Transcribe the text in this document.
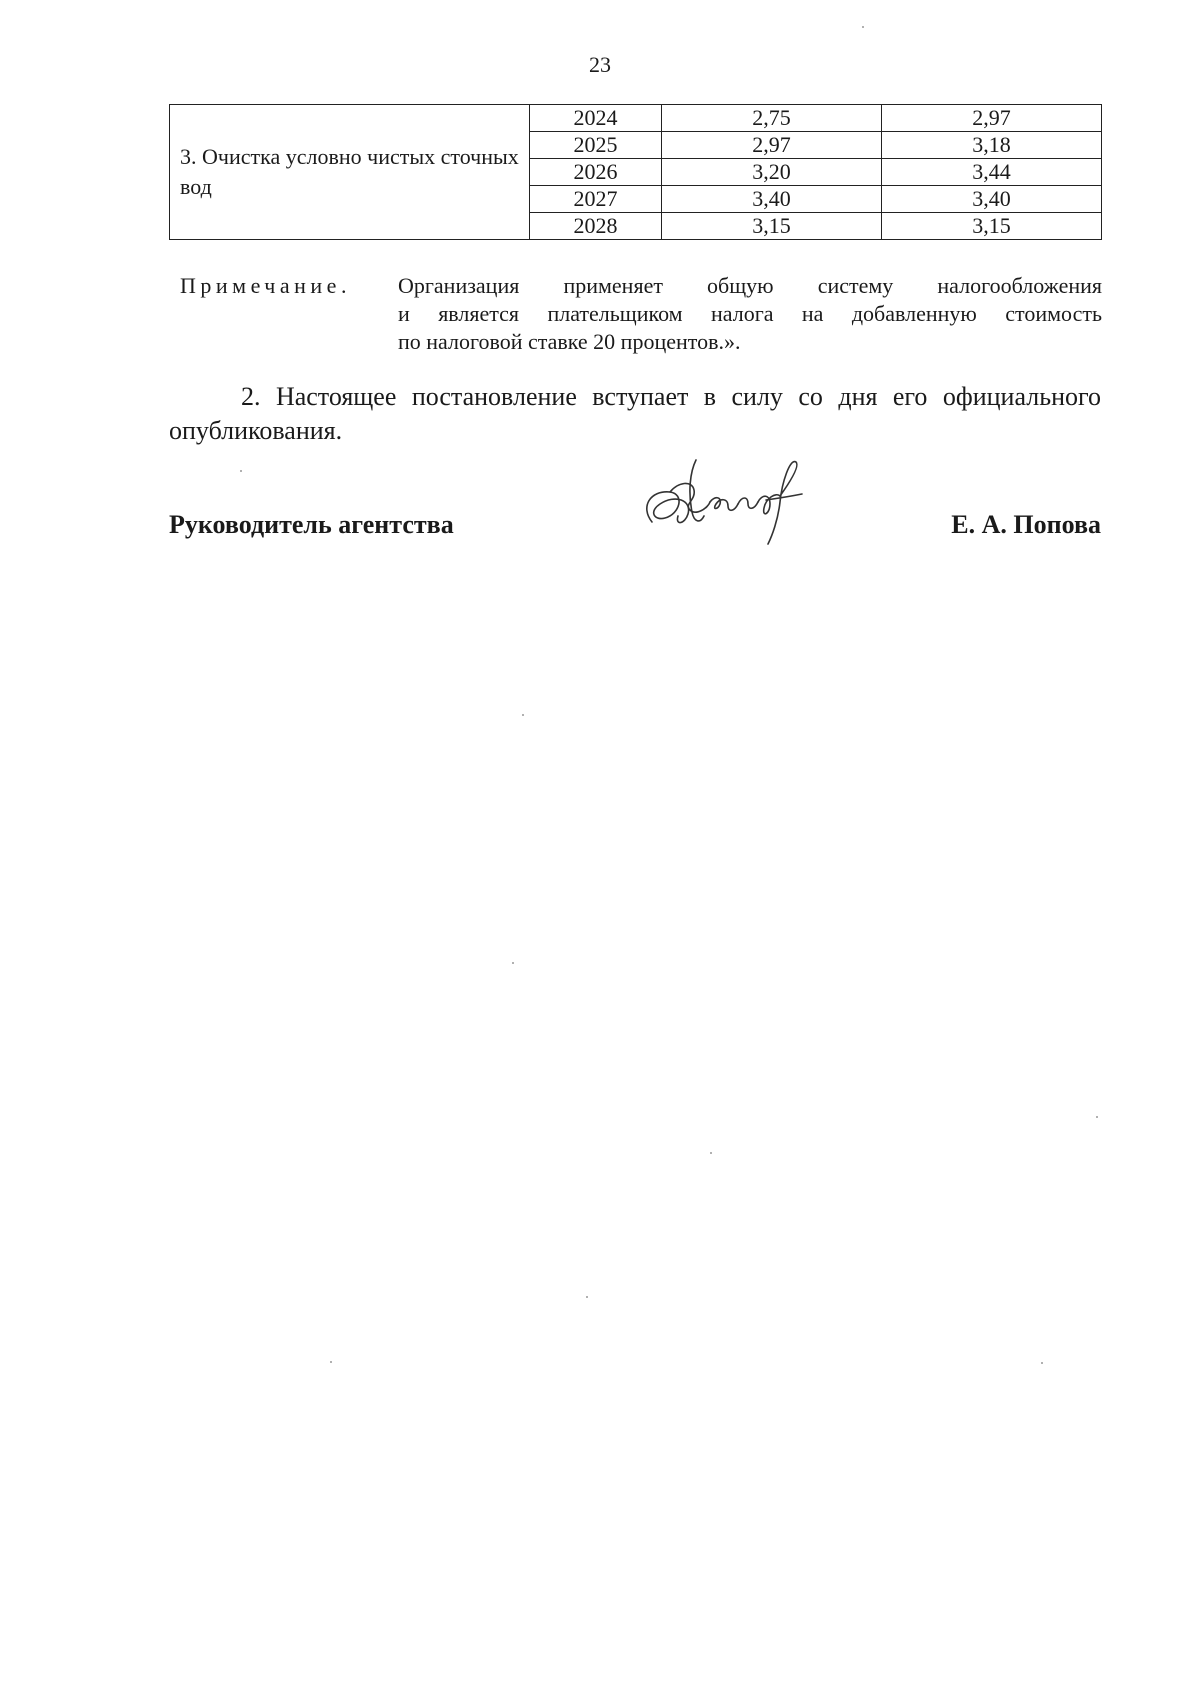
23
3. Очистка условно чистых сточных вод	2024	2,75	2,97
	2025	2,97	3,18
	2026	3,20	3,44
	2027	3,40	3,40
	2028	3,15	3,15
Примечание. Организация применяет общую систему налогообложения
и является плательщиком налога на добавленную стоимость
по налоговой ставке 20 процентов.».
2. Настоящее постановление вступает в силу со дня его официального
опубликования.
Руководитель агентства	Е. А. Попова
